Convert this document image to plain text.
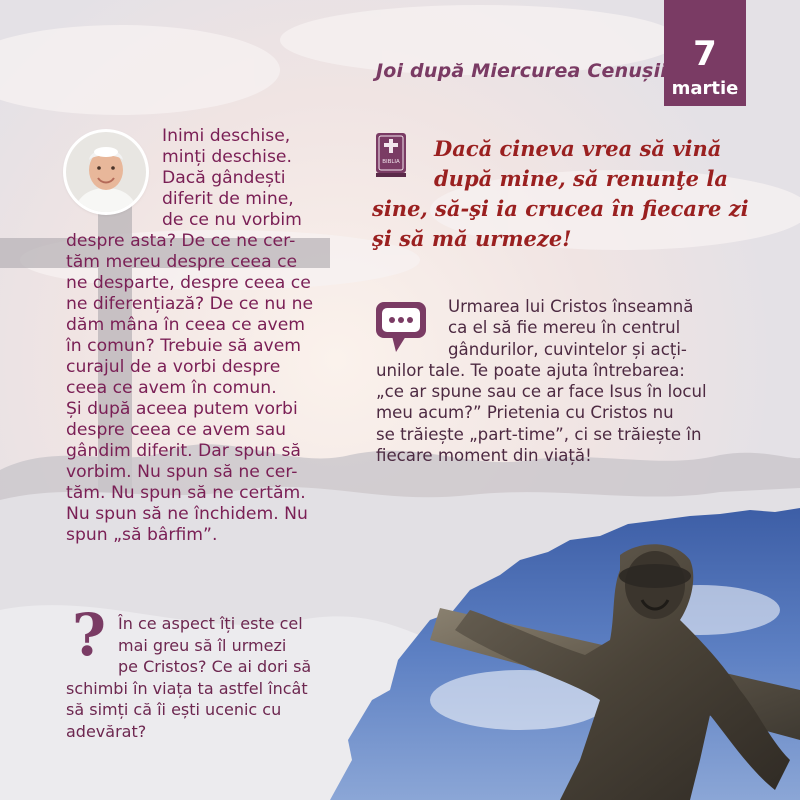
7
martie
Joi după Miercurea Cenușii
Inimi deschise,
minți deschise.
Dacă gândești
diferit de mine,
de ce nu vorbim
despre asta? De ce ne cer-
tăm mereu despre ceea ce
ne desparte, despre ceea ce
ne diferențiază? De ce nu ne
dăm mâna în ceea ce avem
în comun? Trebuie să avem
curajul de a vorbi despre
ceea ce avem în comun.
Și după aceea putem vorbi
despre ceea ce avem sau
gândim diferit. Dar spun să
vorbim. Nu spun să ne cer-
tăm. Nu spun să ne certăm.
Nu spun să ne închidem. Nu
spun „să bârfim”.
BIBLIA
Dacă cineva vrea să vină
după mine, să renunţe la
sine, să-şi ia crucea în fiecare zi
şi să mă urmeze!
Urmarea lui Cristos înseamnă
ca el să fie mereu în centrul
gândurilor, cuvintelor și acți-
unilor tale. Te poate ajuta întrebarea:
„ce ar spune sau ce ar face Isus în locul
meu acum?” Prietenia cu Cristos nu
se trăiește „part-time”, ci se trăiește în
fiecare moment din viață!
? În ce aspect îți este cel
mai greu să îl urmezi
pe Cristos? Ce ai dori să
schimbi în viața ta astfel încât
să simți că îi ești ucenic cu
adevărat?
